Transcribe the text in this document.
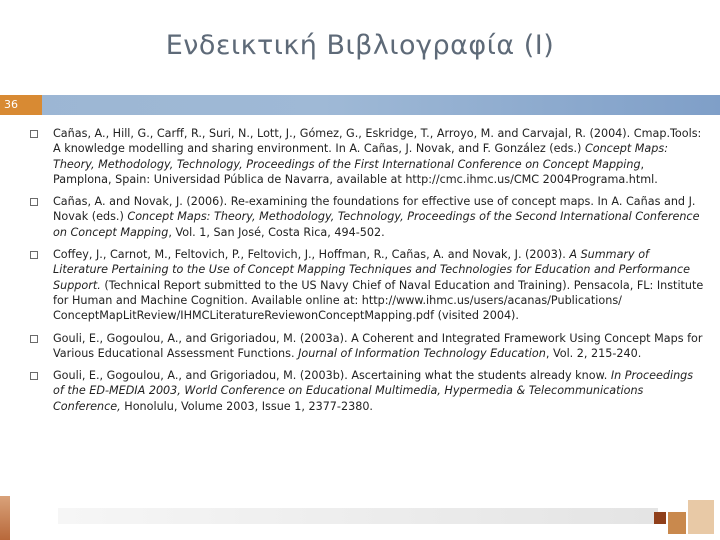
Ενδεικτική Βιβλιογραφία (Ι)
36
Cañas, A., Hill, G., Carff, R., Suri, N., Lott, J., Gómez, G., Eskridge, T., Arroyo, M. and Carvajal, R. (2004). Cmap.Tools: A knowledge modelling and sharing environment. In A. Cañas, J. Novak, and F. González (eds.) Concept Maps: Theory, Methodology, Technology, Proceedings of the First International Conference on Concept Mapping, Pamplona, Spain: Universidad Pública de Navarra, available at http://cmc.ihmc.us/CMC 2004Programa.html.
Cañas, A. and Novak, J. (2006). Re-examining the foundations for effective use of concept maps. In A. Cañas and J. Novak (eds.) Concept Maps: Theory, Methodology, Technology, Proceedings of the Second International Conference on Concept Mapping, Vol. 1, San José, Costa Rica, 494-502.
Coffey, J., Carnot, M., Feltovich, P., Feltovich, J., Hoffman, R., Cañas, A. and Novak, J. (2003). A Summary of Literature Pertaining to the Use of Concept Mapping Techniques and Technologies for Education and Performance Support. (Technical Report submitted to the US Navy Chief of Naval Education and Training). Pensacola, FL: Institute for Human and Machine Cognition. Available online at: http://www.ihmc.us/users/acanas/Publications/ ConceptMapLitReview/IHMCLiteratureReviewonConceptMapping.pdf (visited 2004).
Gouli, E., Gogoulou, A., and Grigoriadou, M. (2003a). A Coherent and Integrated Framework Using Concept Maps for Various Educational Assessment Functions. Journal of Information Technology Education, Vol. 2, 215-240.
Gouli, E., Gogoulou, A., and Grigoriadou, M. (2003b). Ascertaining what the students already know. In Proceedings of the ED-MEDIA 2003, World Conference on Educational Multimedia, Hypermedia & Telecommunications Conference, Honolulu, Volume 2003, Issue 1, 2377-2380.
